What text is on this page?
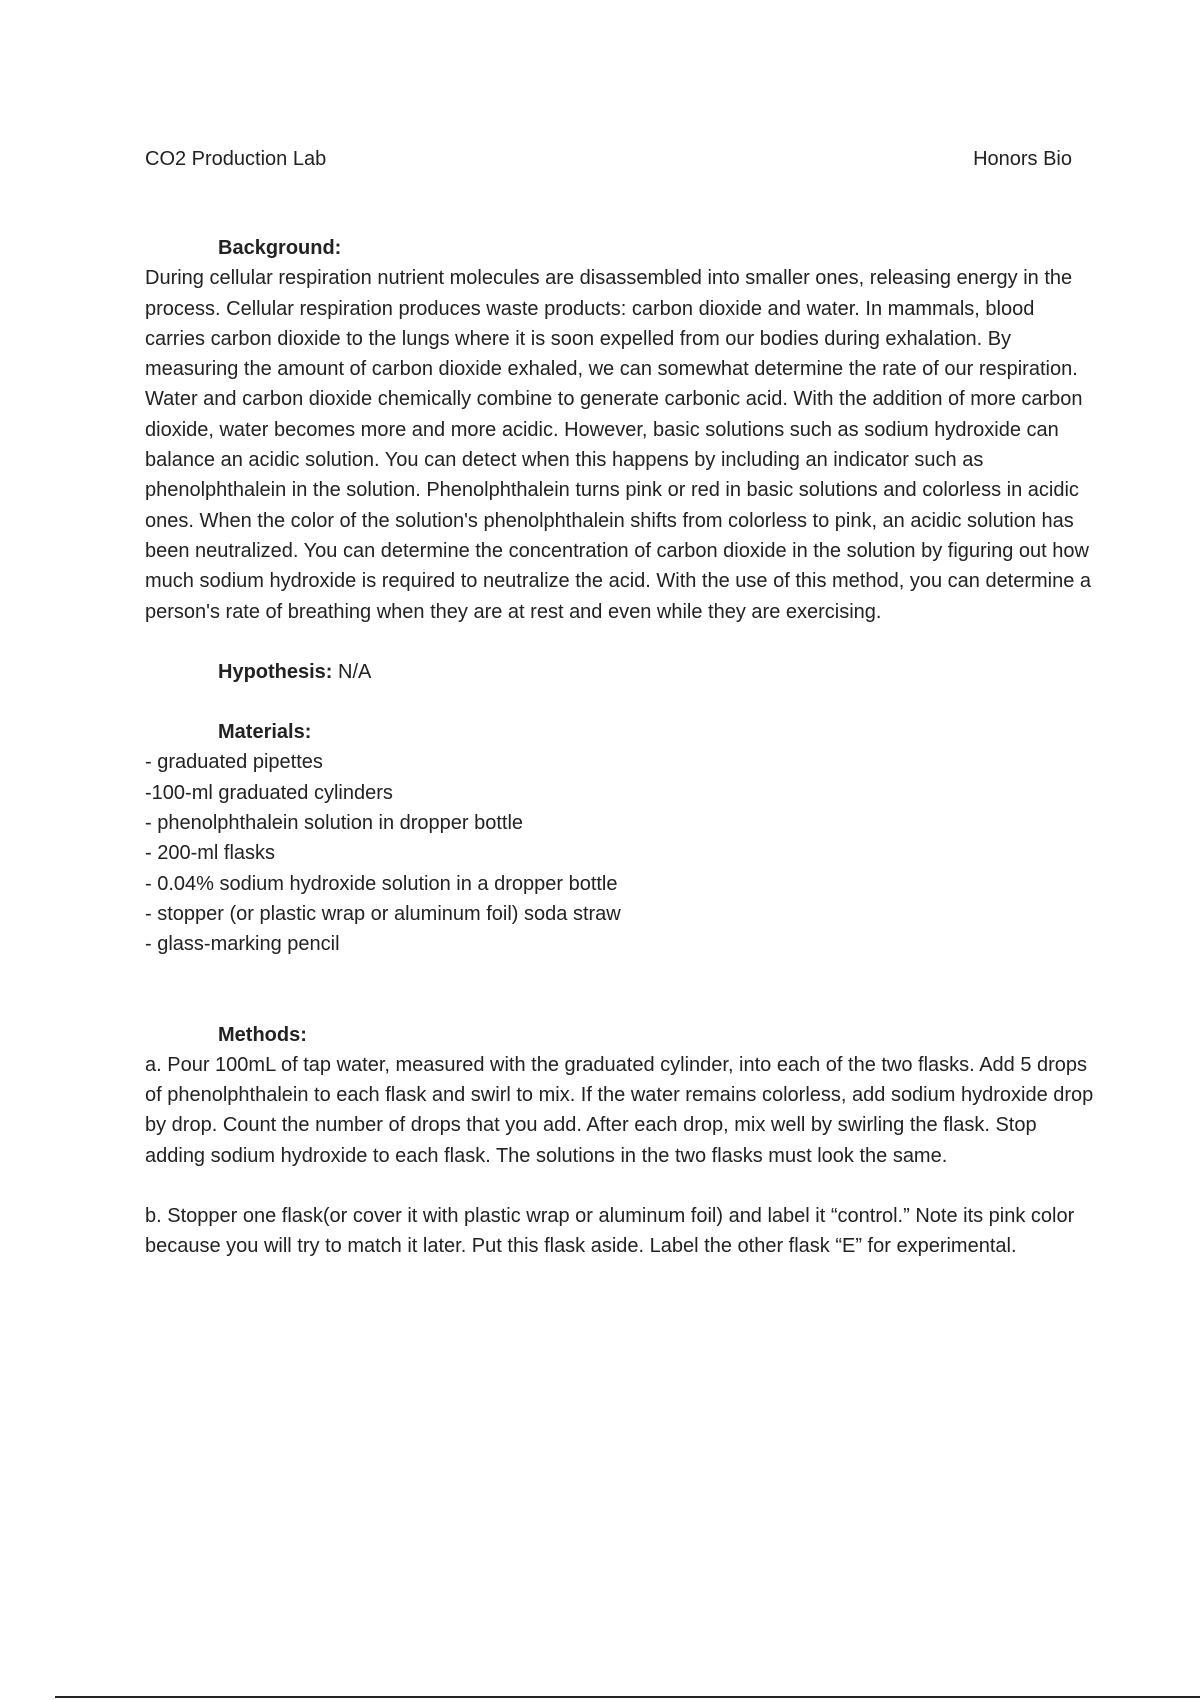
CO2 Production Lab	Honors Bio

Background:

During cellular respiration nutrient molecules are disassembled into smaller ones, releasing energy in the process. Cellular respiration produces waste products: carbon dioxide and water. In mammals, blood carries carbon dioxide to the lungs where it is soon expelled from our bodies during exhalation. By measuring the amount of carbon dioxide exhaled, we can somewhat determine the rate of our respiration. Water and carbon dioxide chemically combine to generate carbonic acid. With the addition of more carbon dioxide, water becomes more and more acidic. However, basic solutions such as sodium hydroxide can balance an acidic solution. You can detect when this happens by including an indicator such as phenolphthalein in the solution. Phenolphthalein turns pink or red in basic solutions and colorless in acidic ones. When the color of the solution's phenolphthalein shifts from colorless to pink, an acidic solution has been neutralized. You can determine the concentration of carbon dioxide in the solution by figuring out how much sodium hydroxide is required to neutralize the acid. With the use of this method, you can determine a person's rate of breathing when they are at rest and even while they are exercising.

Hypothesis: N/A

Materials:

- graduated pipettes
-100-ml graduated cylinders
- phenolphthalein solution in dropper bottle
- 200-ml flasks
- 0.04% sodium hydroxide solution in a dropper bottle
- stopper (or plastic wrap or aluminum foil) soda straw
- glass-marking pencil

Methods:

a. Pour 100mL of tap water, measured with the graduated cylinder, into each of the two flasks. Add 5 drops of phenolphthalein to each flask and swirl to mix. If the water remains colorless, add sodium hydroxide drop by drop. Count the number of drops that you add. After each drop, mix well by swirling the flask. Stop adding sodium hydroxide to each flask. The solutions in the two flasks must look the same.

b. Stopper one flask(or cover it with plastic wrap or aluminum foil) and label it “control.” Note its pink color because you will try to match it later. Put this flask aside. Label the other flask “E” for experimental.
